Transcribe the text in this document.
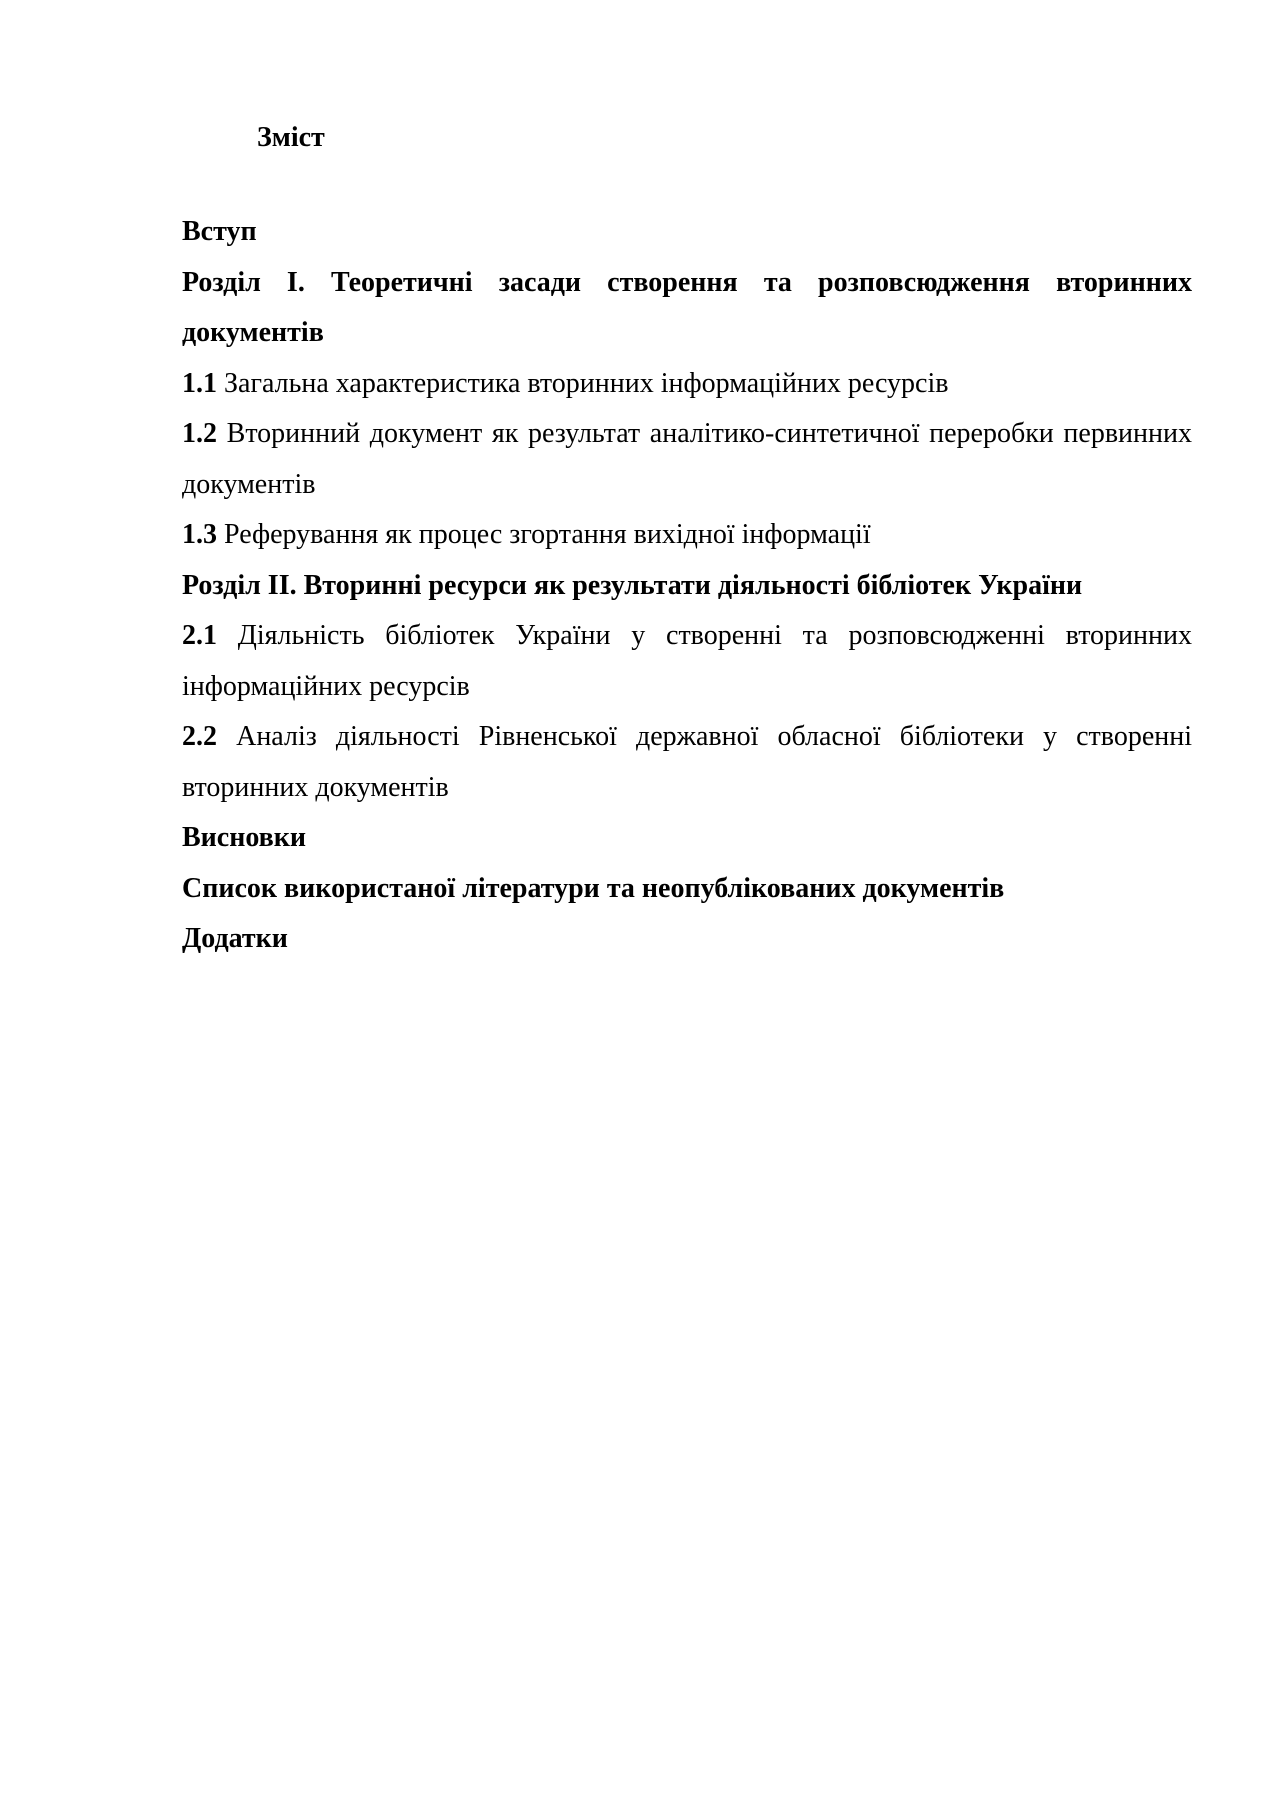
Зміст

Вступ

Розділ I. Теоретичні засади створення та розповсюдження вторинних документів

1.1 Загальна характеристика вторинних інформаційних ресурсів

1.2 Вторинний документ як результат аналітико-синтетичної переробки первинних документів

1.3 Реферування як процес згортання вихідної інформації

Розділ II. Вторинні ресурси як результати діяльності бібліотек України

2.1 Діяльність бібліотек України у створенні та розповсюдженні вторинних інформаційних ресурсів

2.2 Аналіз діяльності Рівненської державної обласної бібліотеки у створенні вторинних документів

Висновки

Список використаної літератури та неопублікованих документів

Додатки
